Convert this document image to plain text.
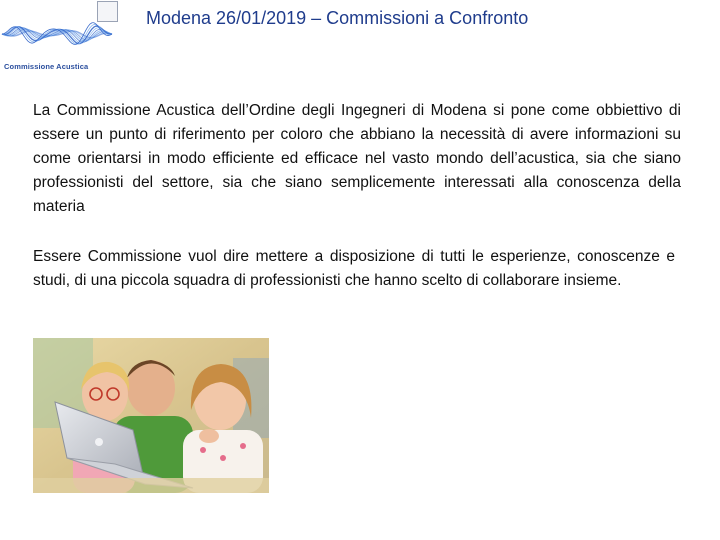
Commissione Acustica
Modena 26/01/2019 – Commissioni a Confronto

La Commissione Acustica dell’Ordine degli Ingegneri di Modena si pone come obbiettivo di essere un punto di riferimento per coloro che abbiano la necessità di avere informazioni su come orientarsi in modo efficiente ed efficace nel vasto mondo dell’acustica, sia che siano professionisti del settore, sia che siano semplicemente interessati alla conoscenza della materia

Essere Commissione vuol dire mettere a disposizione di tutti le esperienze, conoscenze e studi, di una piccola squadra di professionisti che hanno scelto di collaborare insieme.
